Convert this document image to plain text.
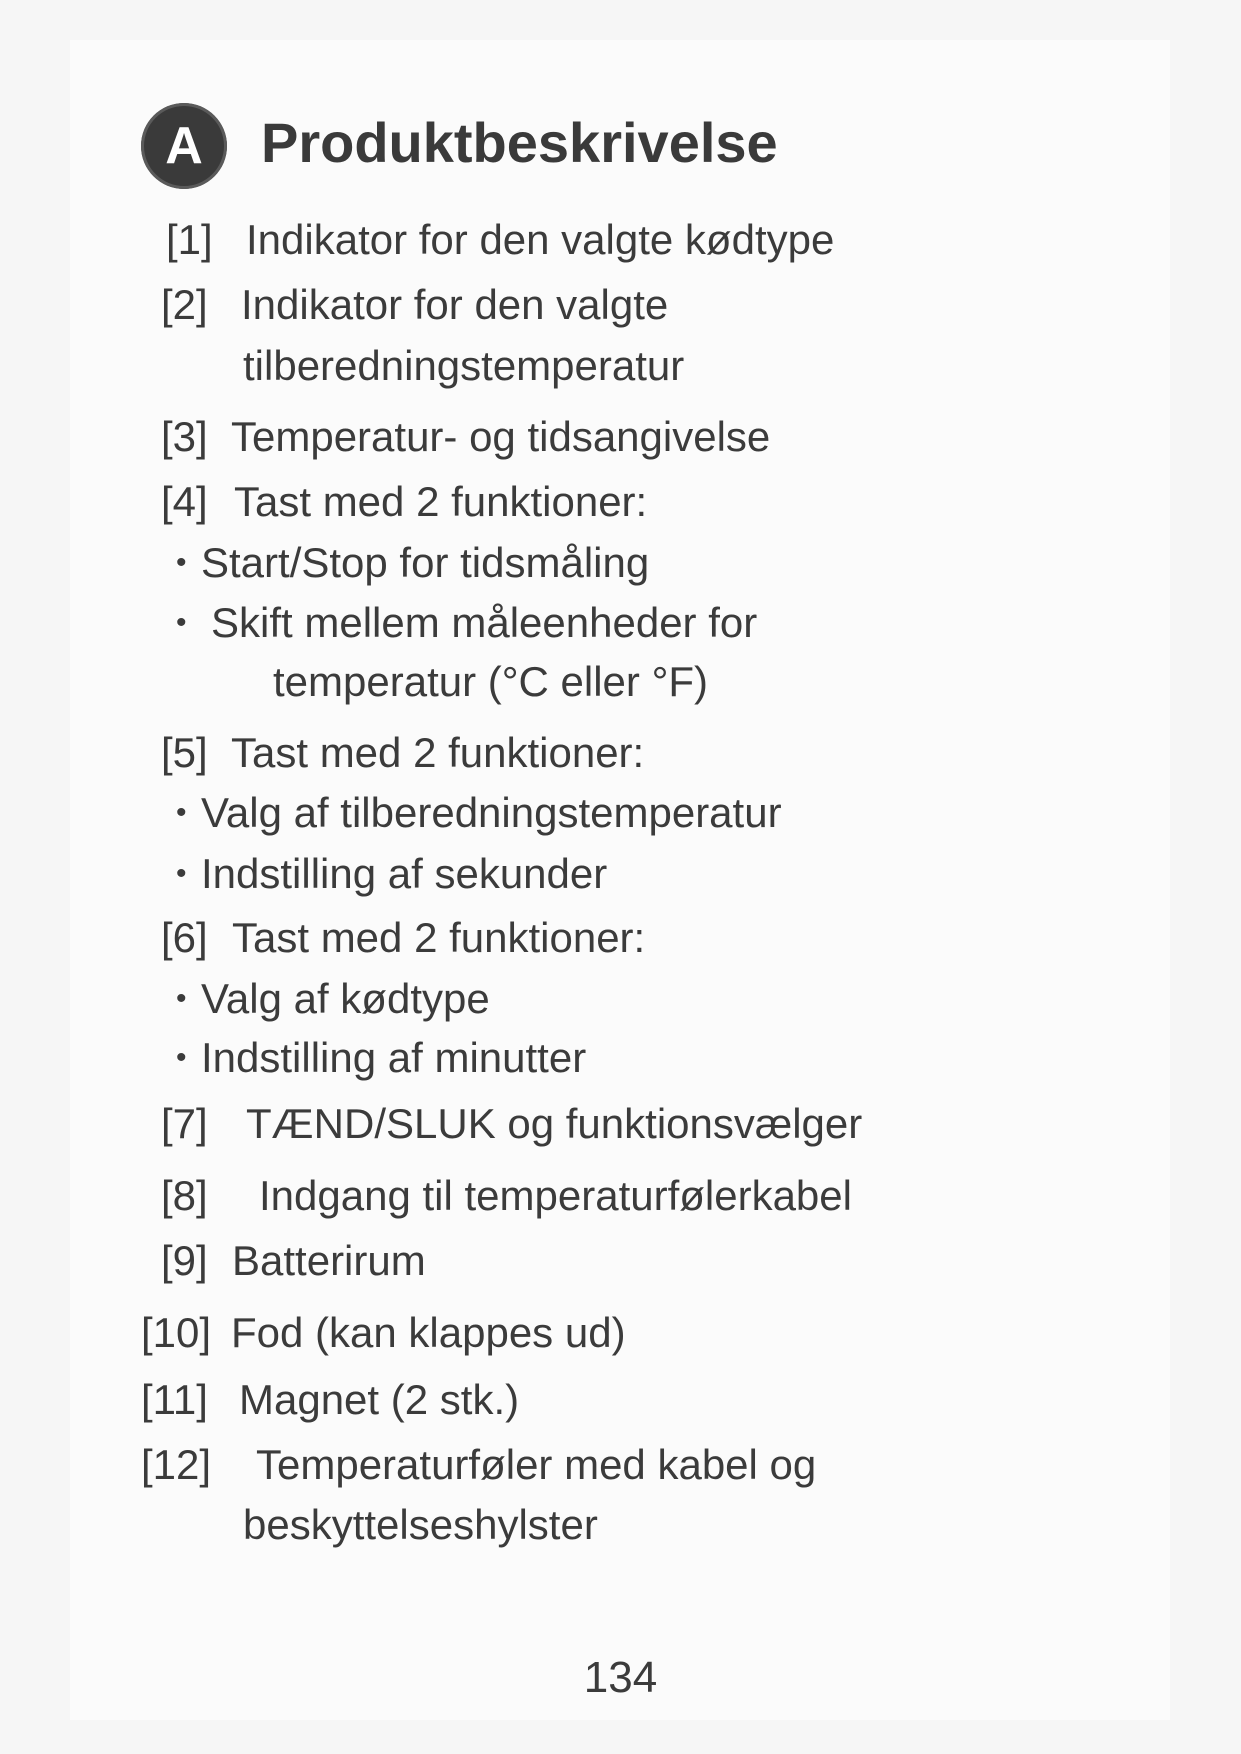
A	Produktbeskrivelse
[1] Indikator for den valgte kødtype
[2] Indikator for den valgte
tilberedningstemperatur
[3] Temperatur- og tidsangivelse
[4] Tast med 2 funktioner:
• Start/Stop for tidsmåling
• Skift mellem måleenheder for
temperatur (°C eller °F)
[5] Tast med 2 funktioner:
• Valg af tilberedningstemperatur
• Indstilling af sekunder
[6] Tast med 2 funktioner:
• Valg af kødtype
• Indstilling af minutter
[7] TÆND/SLUK og funktionsvælger
[8] Indgang til temperaturfølerkabel
[9] Batterirum
[10] Fod (kan klappes ud)
[11] Magnet (2 stk.)
[12] Temperaturføler med kabel og
beskyttelseshylster
134
